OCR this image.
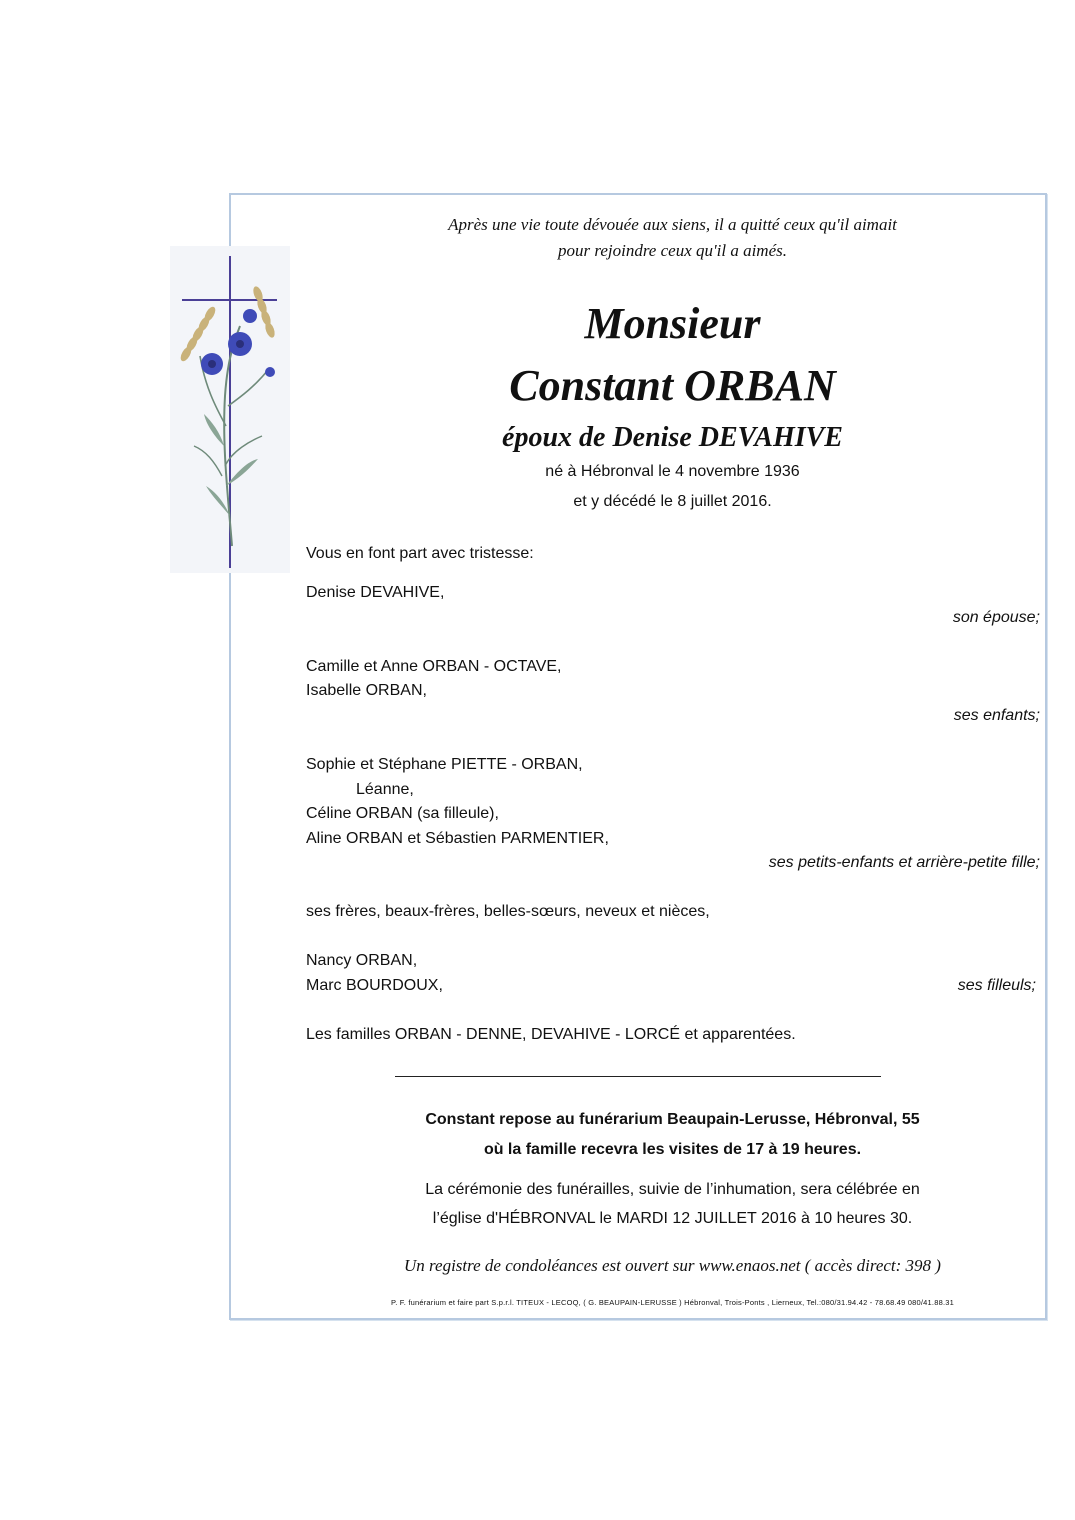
Après une vie toute dévouée aux siens, il a quitté ceux qu'il aimait
pour rejoindre ceux qu'il a aimés.
Monsieur
Constant ORBAN
époux de Denise DEVAHIVE
né à Hébronval le 4 novembre 1936
et y décédé le 8 juillet 2016.
Vous en font part avec tristesse:
Denise DEVAHIVE,
son épouse;
Camille et Anne ORBAN - OCTAVE,
Isabelle ORBAN,
ses enfants;
Sophie et Stéphane PIETTE - ORBAN,
Léanne,
Céline ORBAN (sa filleule),
Aline ORBAN et Sébastien PARMENTIER,
ses petits-enfants et arrière-petite fille;
ses frères, beaux-frères, belles-sœurs, neveux et nièces,
Nancy ORBAN,
Marc BOURDOUX,	ses filleuls;
Les familles ORBAN - DENNE, DEVAHIVE - LORCÉ et apparentées.
Constant repose au funérarium Beaupain-Lerusse, Hébronval, 55
où la famille recevra les visites de 17 à 19 heures.
La cérémonie des funérailles, suivie de l’inhumation, sera célébrée en
l’église d'HÉBRONVAL le MARDI 12 JUILLET 2016 à 10 heures 30.
Un registre de condoléances est ouvert sur www.enaos.net ( accès direct: 398 )
P. F. funérarium et faire part S.p.r.l. TITEUX - LECOQ, ( G. BEAUPAIN-LERUSSE ) Hébronval, Trois-Ponts , Lierneux, Tel.:080/31.94.42 - 78.68.49 080/41.88.31
